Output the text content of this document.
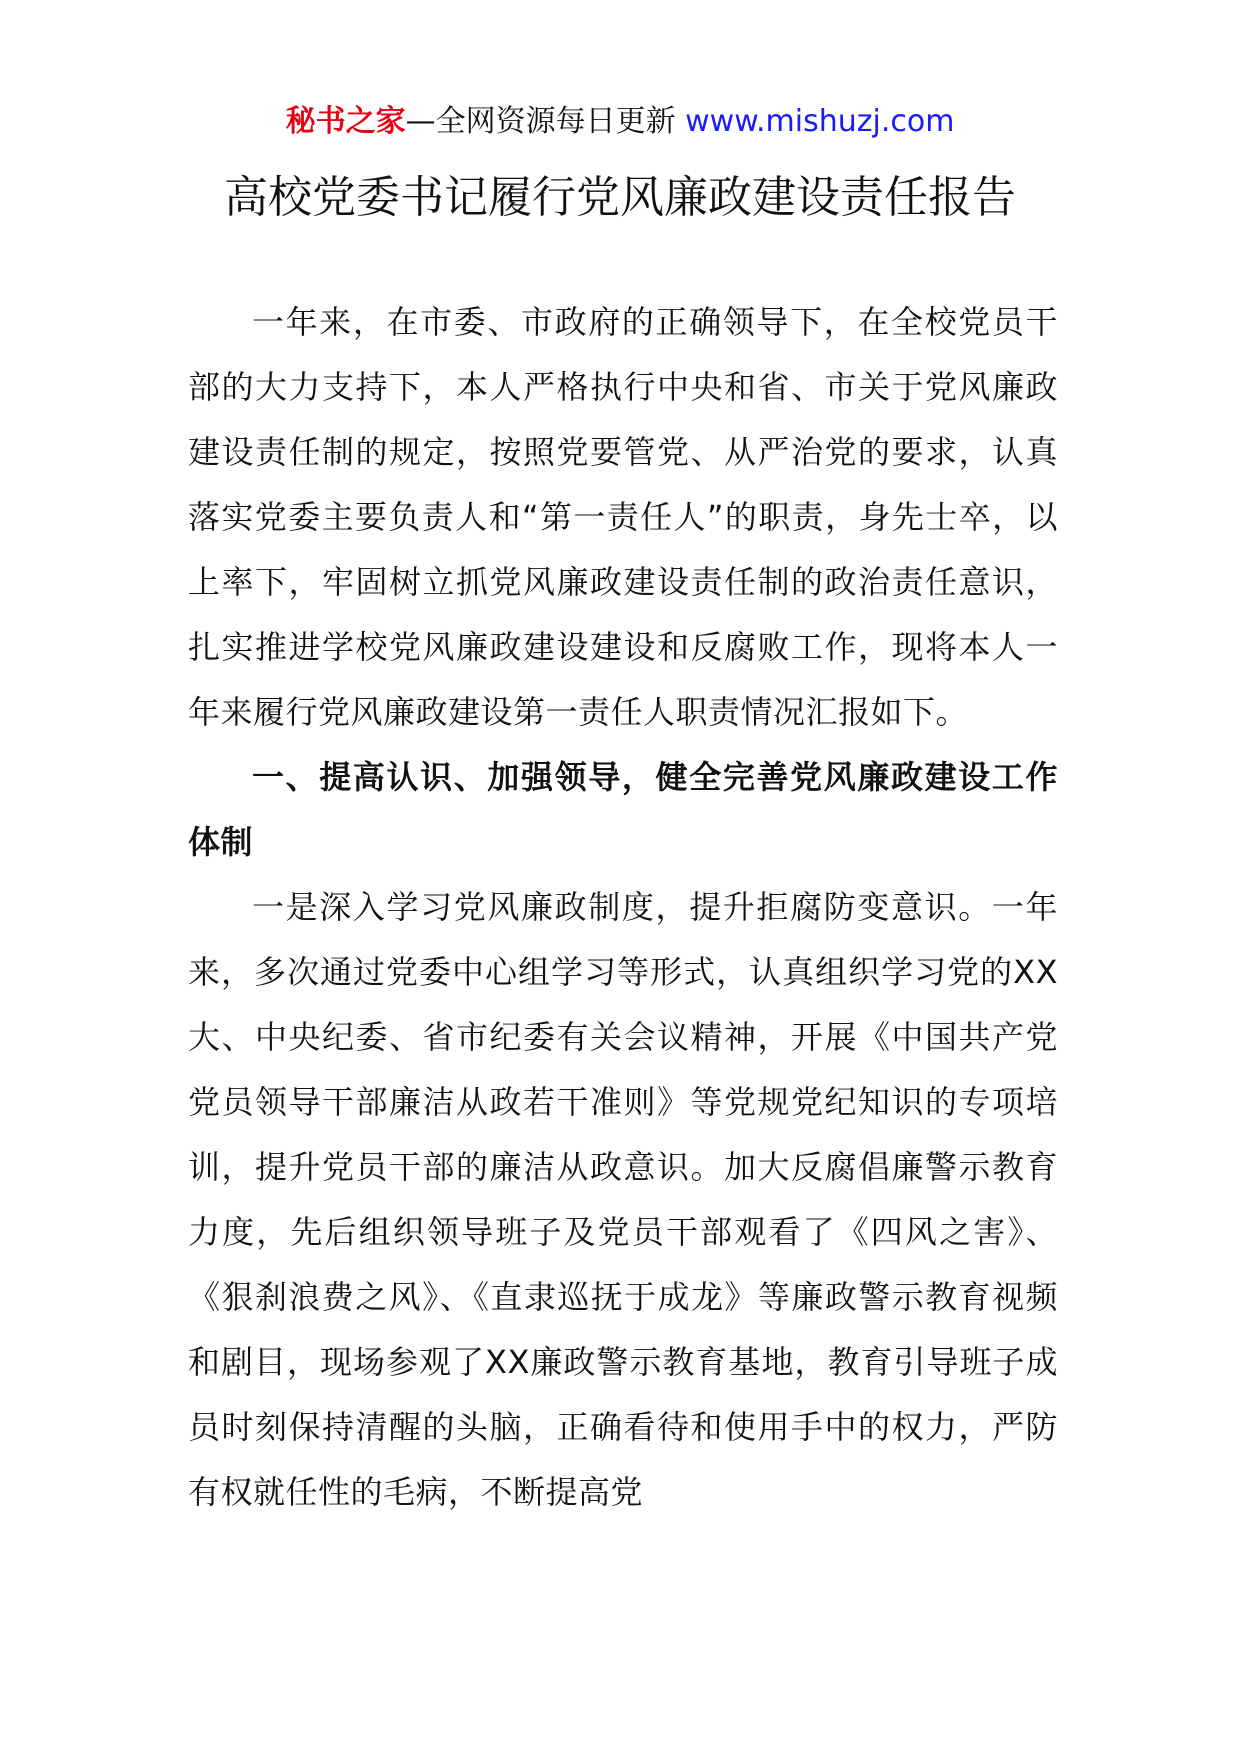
秘书之家—全网资源每日更新 www.mishuzj.com
高校党委书记履行党风廉政建设责任报告

一年来，在市委、市政府的正确领导下，在全校党员干部的大力支持下，本人严格执行中央和省、市关于党风廉政建设责任制的规定，按照党要管党、从严治党的要求，认真落实党委主要负责人和“第一责任人”的职责，身先士卒，以上率下，牢固树立抓党风廉政建设责任制的政治责任意识，扎实推进学校党风廉政建设建设和反腐败工作，现将本人一年来履行党风廉政建设第一责任人职责情况汇报如下。

一、提高认识、加强领导，健全完善党风廉政建设工作体制

一是深入学习党风廉政制度，提升拒腐防变意识。一年来，多次通过党委中心组学习等形式，认真组织学习党的XX大、中央纪委、省市纪委有关会议精神，开展《中国共产党党员领导干部廉洁从政若干准则》等党规党纪知识的专项培训，提升党员干部的廉洁从政意识。加大反腐倡廉警示教育力度，先后组织领导班子及党员干部观看了《四风之害》、《狠刹浪费之风》、《直隶巡抚于成龙》等廉政警示教育视频和剧目，现场参观了XX廉政警示教育基地，教育引导班子成员时刻保持清醒的头脑，正确看待和使用手中的权力，严防有权就任性的毛病，不断提高党
